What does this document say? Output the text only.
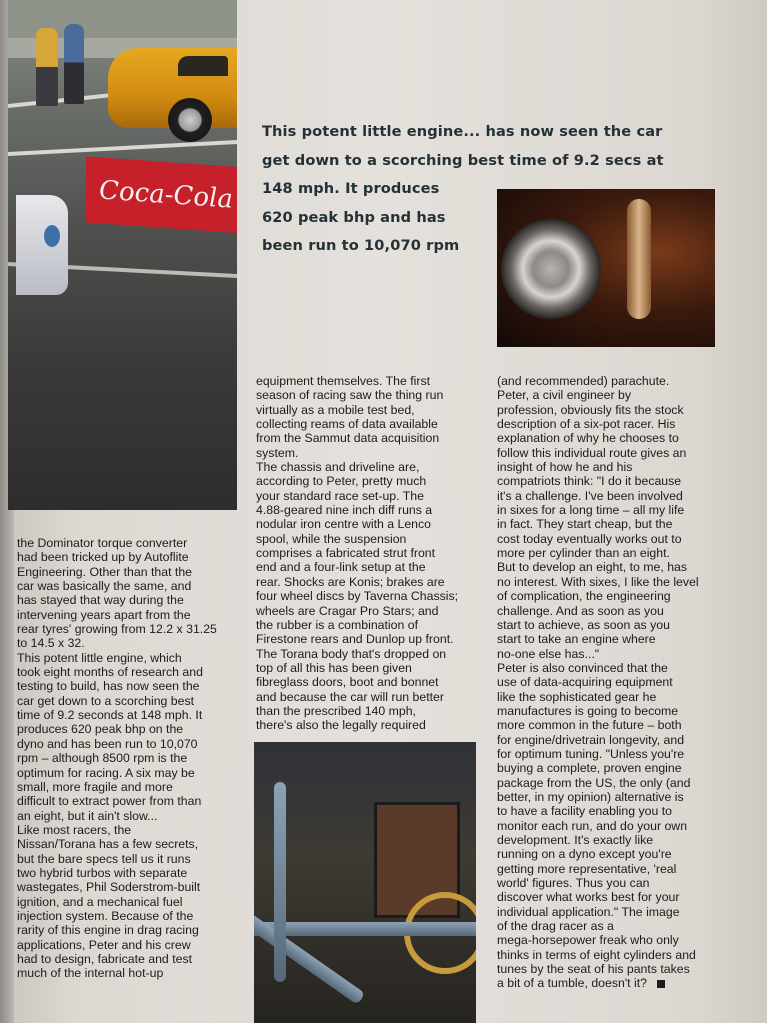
Coca-Cola

This potent little engine... has now seen the car
get down to a scorching best time of 9.2 secs at
148 mph. It produces
620 peak bhp and has
been run to 10,070 rpm

the Dominator torque converter
had been tricked up by Autoflite
Engineering. Other than that the
car was basically the same, and
has stayed that way during the
intervening years apart from the
rear tyres' growing from 12.2 x 31.25
to 14.5 x 32.
This potent little engine, which
took eight months of research and
testing to build, has now seen the
car get down to a scorching best
time of 9.2 seconds at 148 mph. It
produces 620 peak bhp on the
dyno and has been run to 10,070
rpm – although 8500 rpm is the
optimum for racing. A six may be
small, more fragile and more
difficult to extract power from than
an eight, but it ain't slow...
Like most racers, the
Nissan/Torana has a few secrets,
but the bare specs tell us it runs
two hybrid turbos with separate
wastegates, Phil Soderstrom-built
ignition, and a mechanical fuel
injection system. Because of the
rarity of this engine in drag racing
applications, Peter and his crew
had to design, fabricate and test
much of the internal hot-up
equipment themselves. The first
season of racing saw the thing run
virtually as a mobile test bed,
collecting reams of data available
from the Sammut data acquisition
system.
The chassis and driveline are,
according to Peter, pretty much
your standard race set-up. The
4.88-geared nine inch diff runs a
nodular iron centre with a Lenco
spool, while the suspension
comprises a fabricated strut front
end and a four-link setup at the
rear. Shocks are Konis; brakes are
four wheel discs by Taverna Chassis;
wheels are Cragar Pro Stars; and
the rubber is a combination of
Firestone rears and Dunlop up front.
The Torana body that's dropped on
top of all this has been given
fibreglass doors, boot and bonnet
and because the car will run better
than the prescribed 140 mph,
there's also the legally required
(and recommended) parachute.
Peter, a civil engineer by
profession, obviously fits the stock
description of a six-pot racer. His
explanation of why he chooses to
follow this individual route gives an
insight of how he and his
compatriots think: "I do it because
it's a challenge. I've been involved
in sixes for a long time – all my life
in fact. They start cheap, but the
cost today eventually works out to
more per cylinder than an eight.
But to develop an eight, to me, has
no interest. With sixes, I like the level
of complication, the engineering
challenge. And as soon as you
start to achieve, as soon as you
start to take an engine where
no-one else has..."
Peter is also convinced that the
use of data-acquiring equipment
like the sophisticated gear he
manufactures is going to become
more common in the future – both
for engine/drivetrain longevity, and
for optimum tuning. "Unless you're
buying a complete, proven engine
package from the US, the only (and
better, in my opinion) alternative is
to have a facility enabling you to
monitor each run, and do your own
development. It's exactly like
running on a dyno except you're
getting more representative, 'real
world' figures. Thus you can
discover what works best for your
individual application." The image
of the drag racer as a
mega-horsepower freak who only
thinks in terms of eight cylinders and
tunes by the seat of his pants takes
a bit of a tumble, doesn't it?
